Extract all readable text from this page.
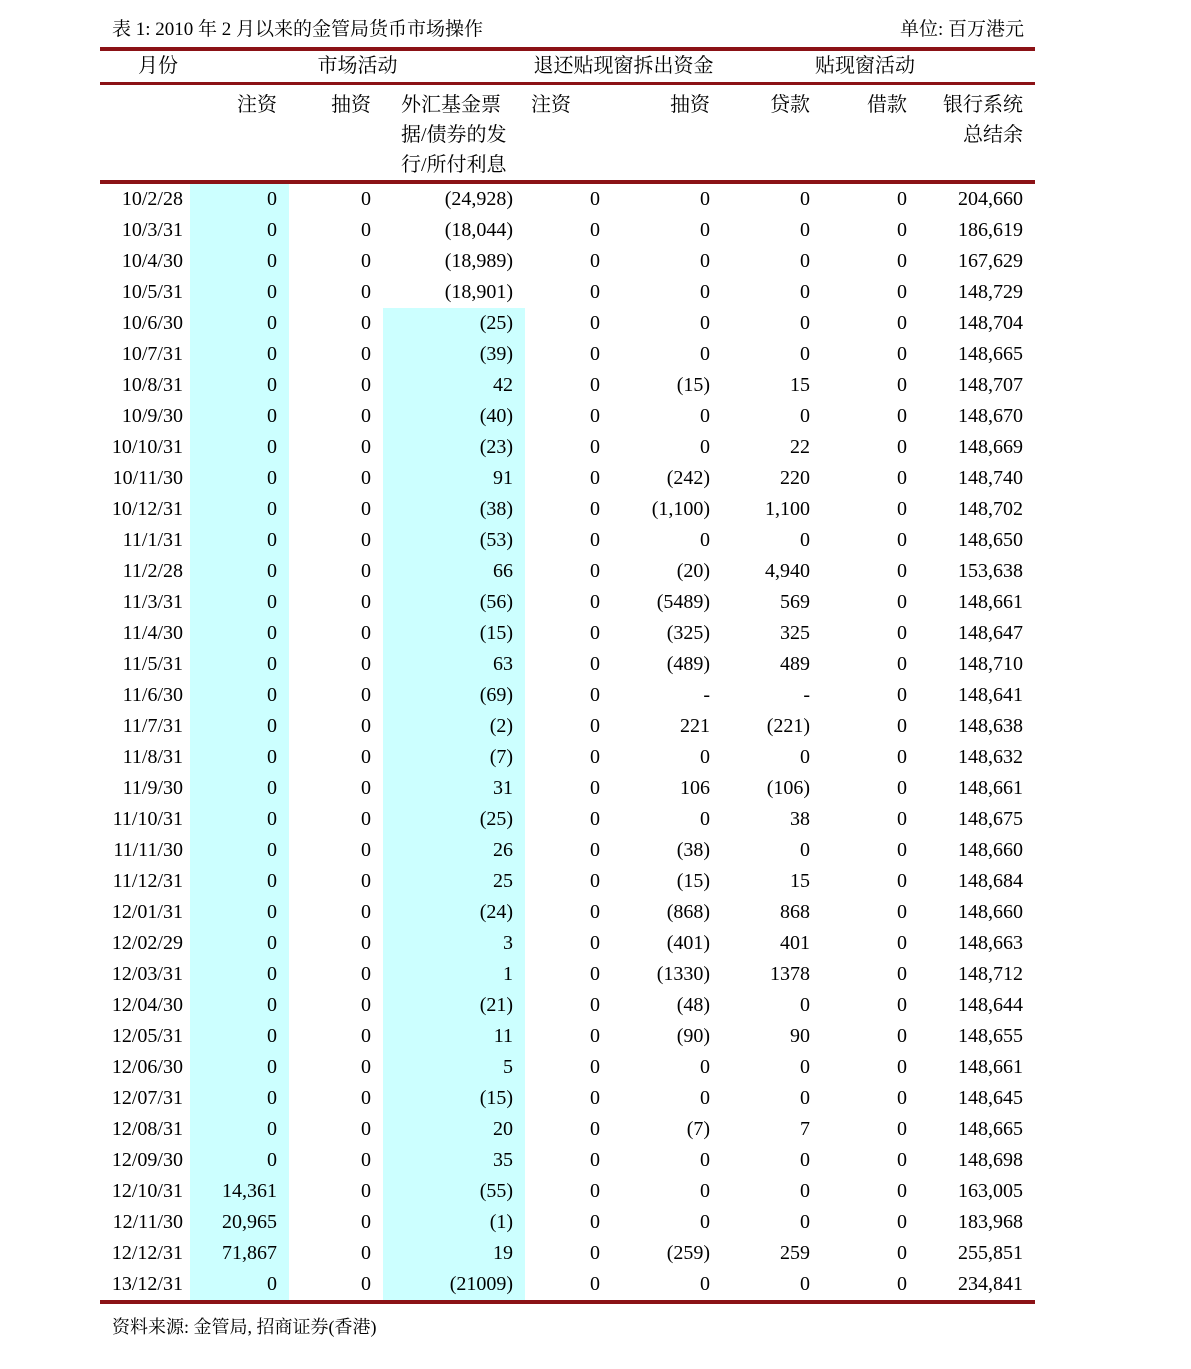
表 1: 2010 年 2 月以来的金管局货币市场操作	单位: 百万港元
月份	市场活动			退还贴现窗拆出资金		贴现窗活动		
	注资	抽资	外汇基金票据/债券的发行/所付利息	注资	抽资	贷款	借款	银行系统总结余

10/2/28	0	0	(24,928)	0	0	0	0	204,660
10/3/31	0	0	(18,044)	0	0	0	0	186,619
10/4/30	0	0	(18,989)	0	0	0	0	167,629
10/5/31	0	0	(18,901)	0	0	0	0	148,729
10/6/30	0	0	(25)	0	0	0	0	148,704
10/7/31	0	0	(39)	0	0	0	0	148,665
10/8/31	0	0	42	0	(15)	15	0	148,707
10/9/30	0	0	(40)	0	0	0	0	148,670
10/10/31	0	0	(23)	0	0	22	0	148,669
10/11/30	0	0	91	0	(242)	220	0	148,740
10/12/31	0	0	(38)	0	(1,100)	1,100	0	148,702
11/1/31	0	0	(53)	0	0	0	0	148,650
11/2/28	0	0	66	0	(20)	4,940	0	153,638
11/3/31	0	0	(56)	0	(5489)	569	0	148,661
11/4/30	0	0	(15)	0	(325)	325	0	148,647
11/5/31	0	0	63	0	(489)	489	0	148,710
11/6/30	0	0	(69)	0	-	-	0	148,641
11/7/31	0	0	(2)	0	221	(221)	0	148,638
11/8/31	0	0	(7)	0	0	0	0	148,632
11/9/30	0	0	31	0	106	(106)	0	148,661
11/10/31	0	0	(25)	0	0	38	0	148,675
11/11/30	0	0	26	0	(38)	0	0	148,660
11/12/31	0	0	25	0	(15)	15	0	148,684
12/01/31	0	0	(24)	0	(868)	868	0	148,660
12/02/29	0	0	3	0	(401)	401	0	148,663
12/03/31	0	0	1	0	(1330)	1378	0	148,712
12/04/30	0	0	(21)	0	(48)	0	0	148,644
12/05/31	0	0	11	0	(90)	90	0	148,655
12/06/30	0	0	5	0	0	0	0	148,661
12/07/31	0	0	(15)	0	0	0	0	148,645
12/08/31	0	0	20	0	(7)	7	0	148,665
12/09/30	0	0	35	0	0	0	0	148,698
12/10/31	14,361	0	(55)	0	0	0	0	163,005
12/11/30	20,965	0	(1)	0	0	0	0	183,968
12/12/31	71,867	0	19	0	(259)	259	0	255,851
13/12/31	0	0	(21009)	0	0	0	0	234,841
资料来源: 金管局, 招商证券(香港)
